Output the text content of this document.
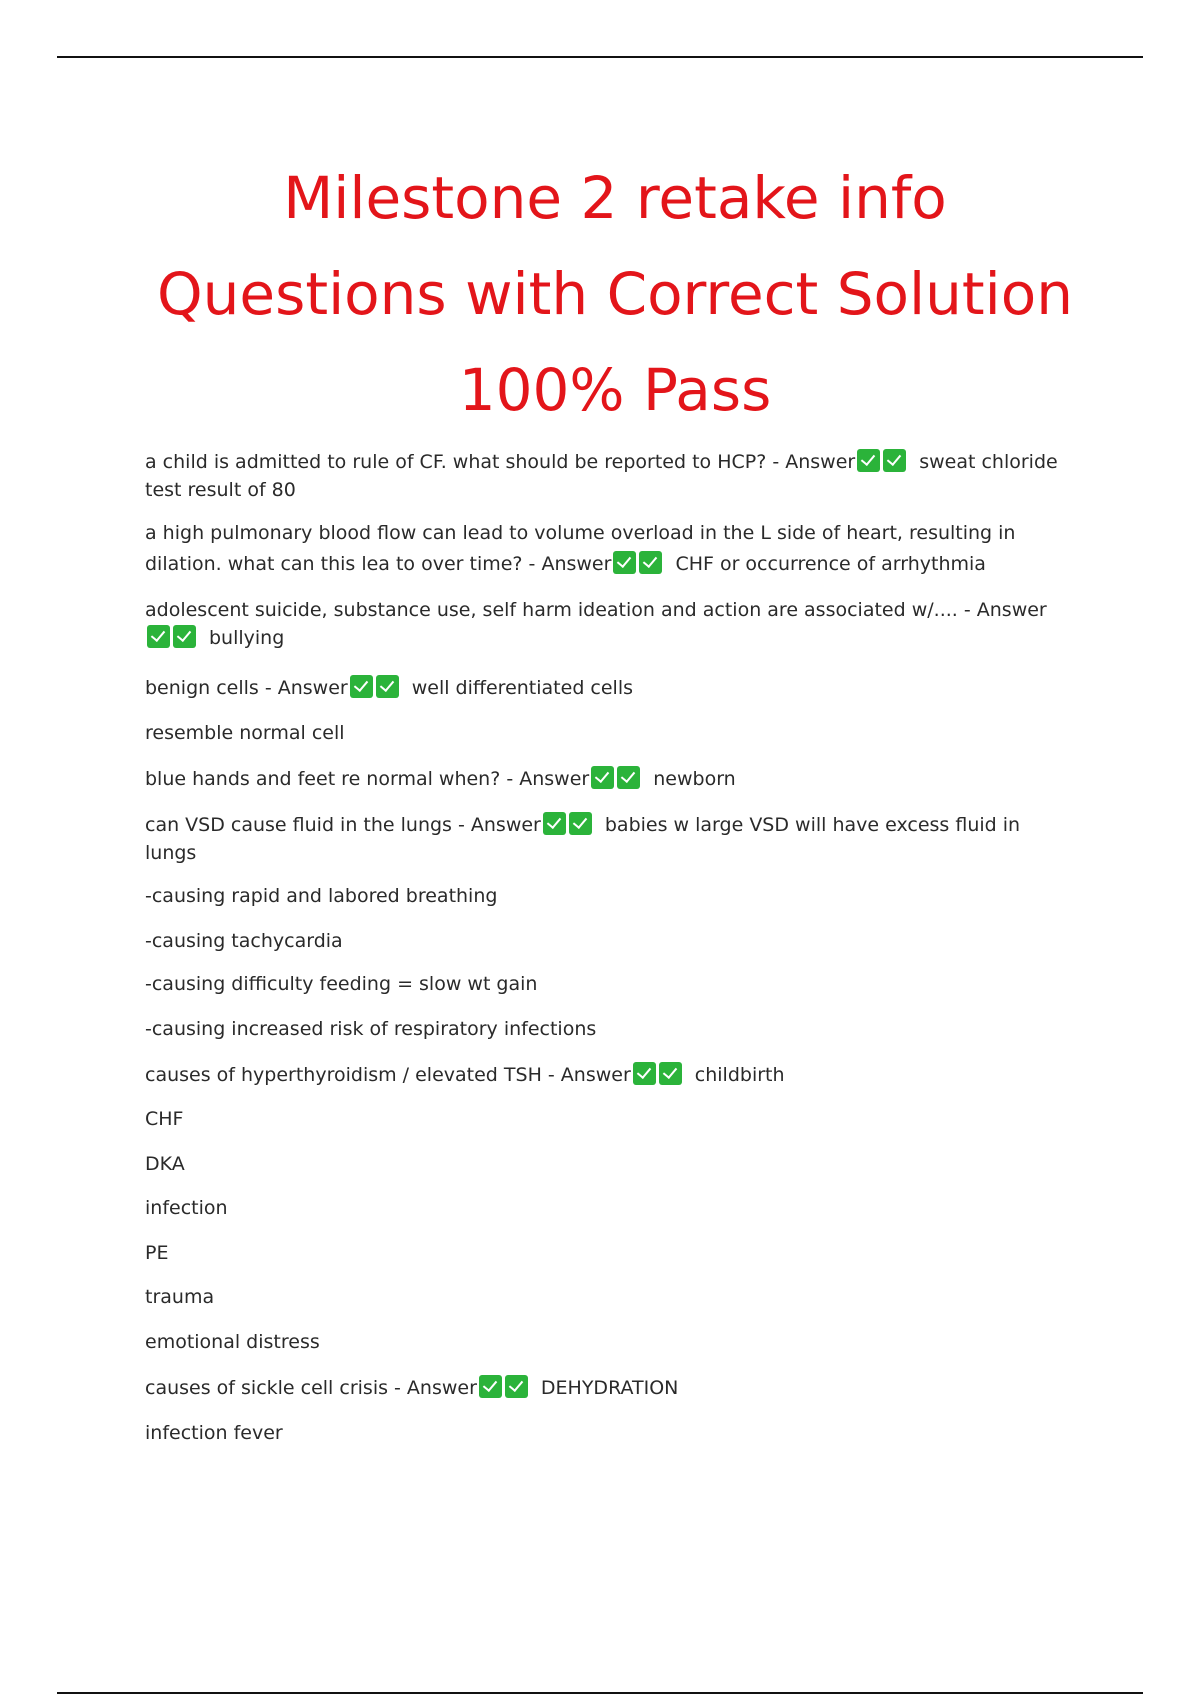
Milestone 2 retake info
Questions with Correct Solution
100% Pass

a child is admitted to rule of CF. what should be reported to HCP? - Answer	sweat chloride test result of 80

a high pulmonary blood flow can lead to volume overload in the L side of heart, resulting in dilation. what can this lea to over time? - Answer	CHF or occurrence of arrhythmia

adolescent suicide, substance use, self harm ideation and action are associated w/.... - Answerbullying

benign cells - Answer	well differentiated cells

resemble normal cell

blue hands and feet re normal when? - Answer	newborn

can VSD cause fluid in the lungs - Answer	babies w large VSD will have excess fluid in lungs

-causing rapid and labored breathing

-causing tachycardia

-causing difficulty feeding = slow wt gain

-causing increased risk of respiratory infections

causes of hyperthyroidism / elevated TSH - Answer	childbirth

CHF

DKA

infection

PE

trauma

emotional distress

causes of sickle cell crisis - Answer	DEHYDRATION

infection fever
